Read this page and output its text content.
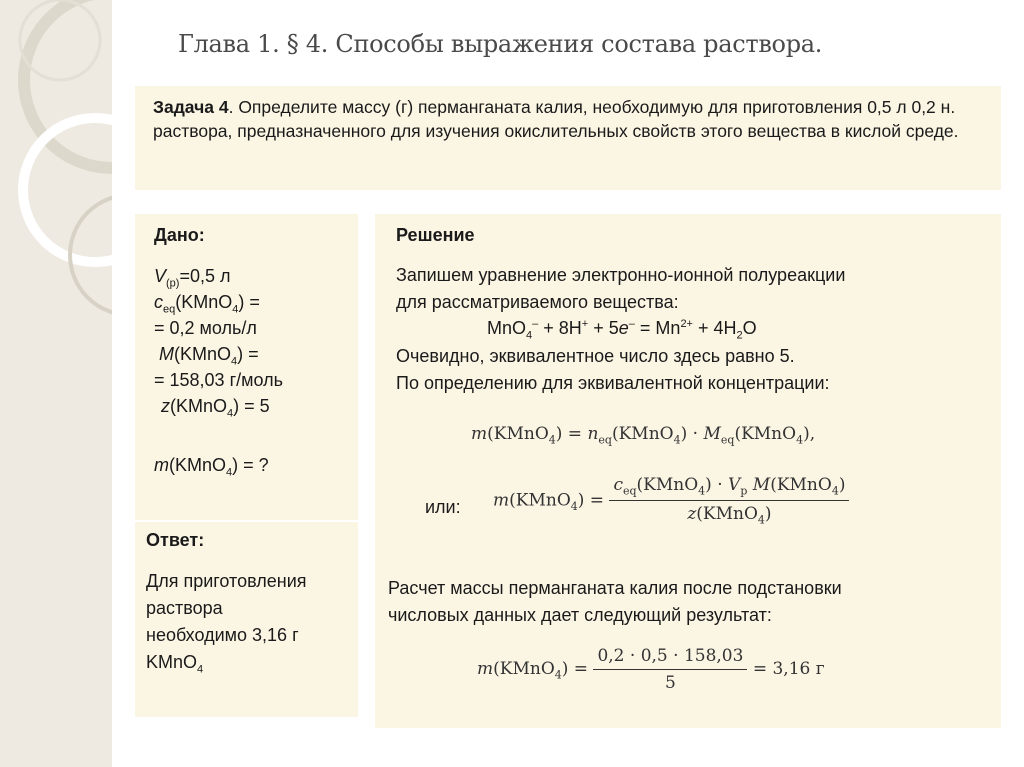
Глава 1. § 4. Способы выражения состава раствора.
Задача 4. Определите массу (г) перманганата калия, необходимую для приготовления 0,5 л 0,2 н. раствора, предназначенного для изучения окислительных свойств этого вещества в кислой среде.
Дано:
$V_{(р)}=0,5$ л
$c_{eq}(KMnO_4)$ =
= 0,2 моль/л
M(KMnO$_4$) =
= 158,03 г/моль
z(KMnO$_4$) = 5
m(KMnO$_4$) = ?
Ответ:
Для приготовления
раствора
необходимо 3,16 г
KMnO$_4$
Решение
Запишем уравнение электронно-ионной полуреакции
для рассматриваемого вещества:
$MnO_4^- + 8H^+ + 5e^- = Mn^{2+} + 4H_2O$
Очевидно, эквивалентное число здесь равно 5.
По определению для эквивалентной концентрации:
m(KMnO$_4$) = $n_{eq}(KMnO_4)$ · $M_{eq}(KMnO_4)$,
или: m(KMnO$_4$) = $\frac{c_{eq}(KMnO_4) \cdot V_р M(KMnO_4)}{z(KMnO_4)}$
Расчет массы перманганата калия после подстановки
числовых данных дает следующий результат:
m(KMnO$_4$) = $\frac{0,2 \cdot 0,5 \cdot 158,03}{5} = 3,16$ г
